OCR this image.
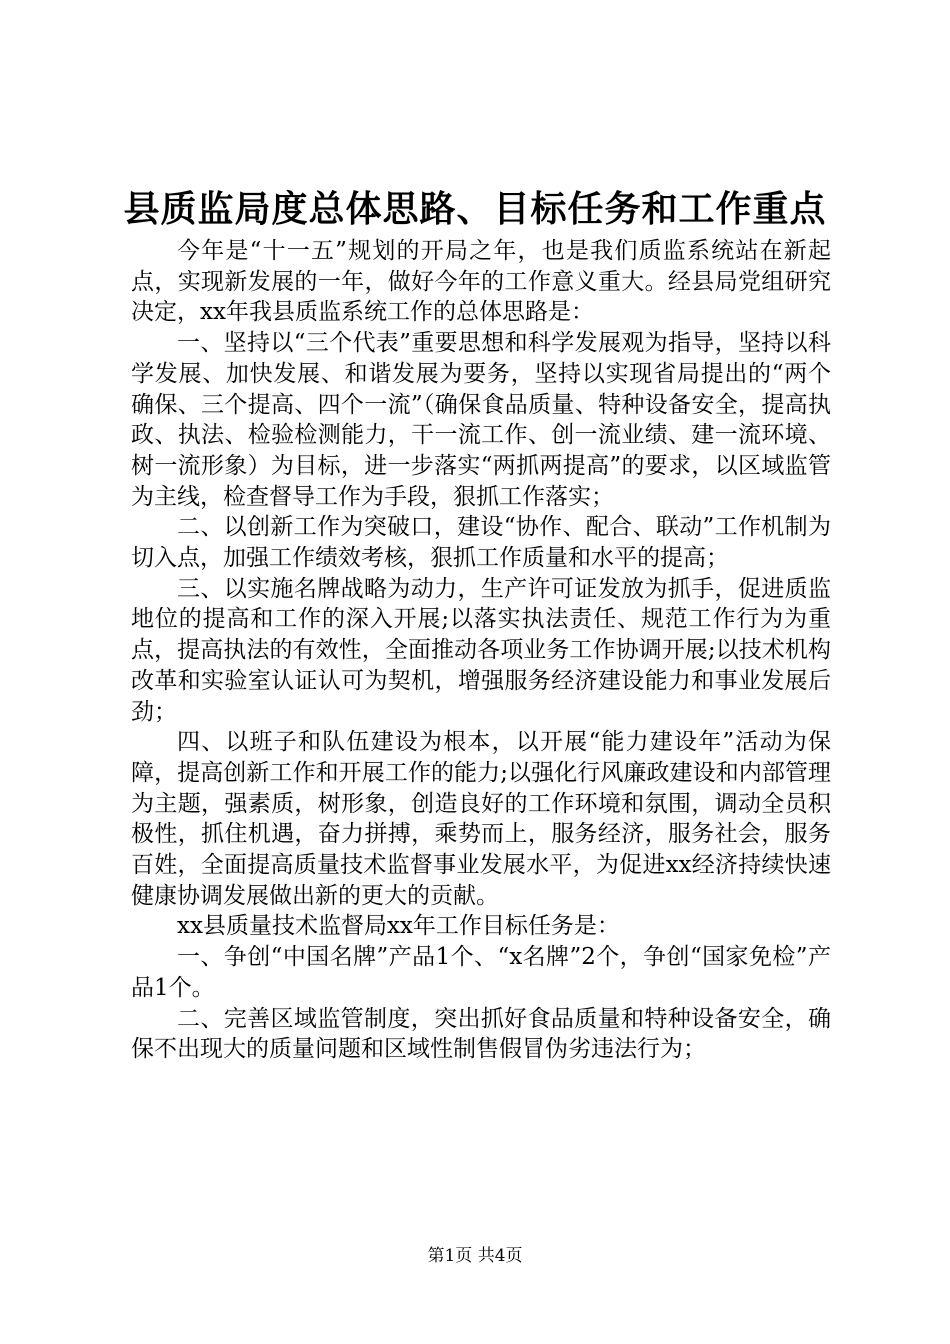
县质监局度总体思路、目标任务和工作重点

今年是“十一五”规划的开局之年，也是我们质监系统站在新起点，实现新发展的一年，做好今年的工作意义重大。经县局党组研究决定，xx年我县质监系统工作的总体思路是：

一、坚持以“三个代表”重要思想和科学发展观为指导，坚持以科学发展、加快发展、和谐发展为要务，坚持以实现省局提出的“两个确保、三个提高、四个一流”（确保食品质量、特种设备安全，提高执政、执法、检验检测能力，干一流工作、创一流业绩、建一流环境、树一流形象）为目标，进一步落实“两抓两提高”的要求，以区域监管为主线，检查督导工作为手段，狠抓工作落实；

二、以创新工作为突破口，建设“协作、配合、联动”工作机制为切入点，加强工作绩效考核，狠抓工作质量和水平的提高；

三、以实施名牌战略为动力，生产许可证发放为抓手，促进质监地位的提高和工作的深入开展;以落实执法责任、规范工作行为为重点，提高执法的有效性，全面推动各项业务工作协调开展;以技术机构改革和实验室认证认可为契机，增强服务经济建设能力和事业发展后劲；

四、以班子和队伍建设为根本，以开展“能力建设年”活动为保障，提高创新工作和开展工作的能力;以强化行风廉政建设和内部管理为主题，强素质，树形象，创造良好的工作环境和氛围，调动全员积极性，抓住机遇，奋力拼搏，乘势而上，服务经济，服务社会，服务百姓，全面提高质量技术监督事业发展水平，为促进xx经济持续快速健康协调发展做出新的更大的贡献。

xx县质量技术监督局xx年工作目标任务是：

一、争创“中国名牌”产品1个、“x名牌”2个，争创“国家免检”产品1个。

二、完善区域监管制度，突出抓好食品质量和特种设备安全，确保不出现大的质量问题和区域性制售假冒伪劣违法行为；

第1页 共4页
